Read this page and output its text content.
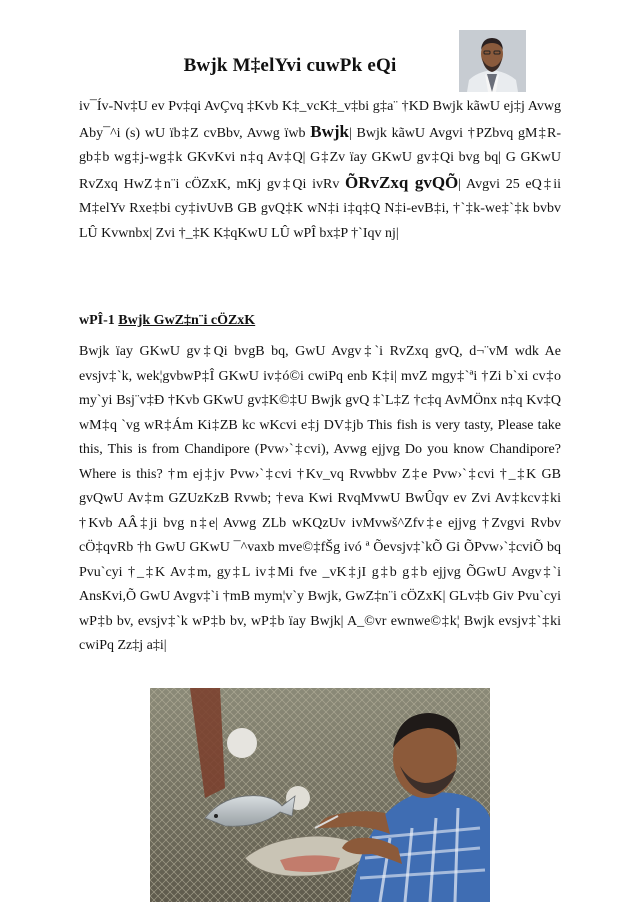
Bwjk M‡elYvi cuwPk eQi

iv¯Ív-Nv‡U ev Pv‡qi AvÇvq ‡Kvb K‡_vcK‡_v‡bi g‡a¨ †KD Bwjk kãwU ej‡j Avwg Aby¯^i (s) wU ïb‡Z cvBbv, Avwg ïwb Bwjk| Bwjk kãwU Avgvi †PZbvq gM‡R-gb‡b wg‡j-wg‡k GKvKvi n‡q Av‡Q| G‡Zv ïay GKwU gv‡Qi bvg bq| G GKwU RvZxq HwZ‡n¨i cÖZxK, mKj gv‡Qi ivRv ÕRvZxq gvQÕ| Avgvi 25 eQ‡ii M‡elYv Rxe‡bi cy‡ivUvB GB gvQ‡K wN‡i i‡q‡Q N‡i-evB‡i, †`‡k-we‡`‡k bvbv LÛ Kvwnbx| Zvi †_‡K K‡qKwU LÛ wPÎ bx‡P †`Iqv nj|

wPÎ-1 Bwjk GwZ‡n¨i cÖZxK

Bwjk ïay GKwU gv‡Qi bvgB bq, GwU Avgv‡`i RvZxq gvQ, d¬¨vM wdk Ae evsjv‡`k, wek¦gvbwP‡Î GKwU iv‡ó©i cwiPq enb K‡i| mvZ mgy‡`ªi †Zi b`xi cv‡o my`yi Bsj¨v‡Ð †Kvb GKwU gv‡K©‡U Bwjk gvQ ‡`L‡Z †c‡q AvMÖnx n‡q Kv‡Q wM‡q `vg wR‡Ám Ki‡ZB kc wKcvi e‡j DV‡jb This fish is very tasty, Please take this, This is from Chandipore (Pvw›`‡cvi), Avwg ejjvg Do you know Chandipore? Where is this? †m ej‡jv Pvw›`‡cvi †Kv_vq Rvwbbv Z‡e Pvw›`‡cvi †_‡K GB gvQwU Av‡m GZUzKzB Rvwb; †eva Kwi RvqMvwU BwÛqv ev Zvi Av‡kcv‡ki †Kvb AÂ‡ji bvg n‡e| Avwg ZLb wKQzUv ivMvwš^Zfv‡e ejjvg †Zvgvi Rvbv cÖ‡qvRb †h GwU GKwU ¯^vaxb mve©‡fŠg ivó ª Õevsjv‡`kÕ Gi ÕPvw›`‡cviÕ bq Pvu`cyi †_‡K Av‡m, gy‡L iv‡Mi fve _vK‡jI g‡b g‡b ejjvg ÕGwU Avgv‡`i AnsKvi,Õ GwU Avgv‡`i †mB mym¦v`y Bwjk, GwZ‡n¨i cÖZxK| GLv‡b Giv Pvu`cyi wP‡b bv, evsjv‡`k wP‡b bv, wP‡b ïay Bwjk| A_©vr ewnwe©‡k¦ Bwjk evsjv‡`‡ki cwiPq Zz‡j a‡i|
